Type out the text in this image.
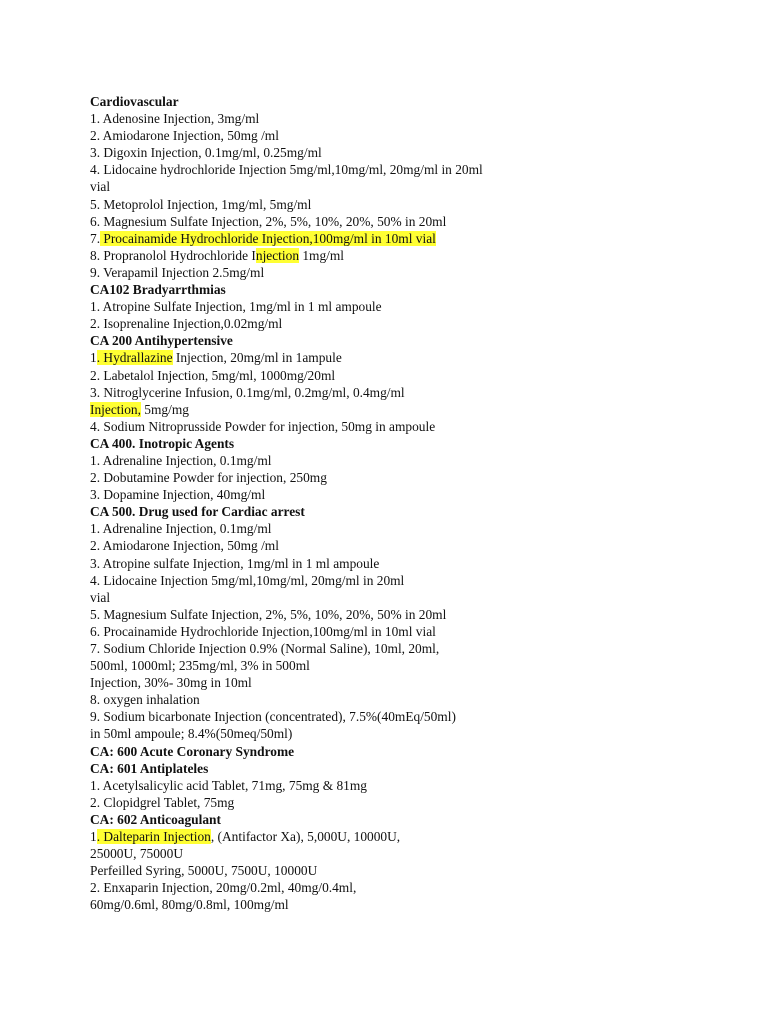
Cardiovascular
1. Adenosine Injection, 3mg/ml
2. Amiodarone Injection, 50mg /ml
3. Digoxin Injection, 0.1mg/ml, 0.25mg/ml
4. Lidocaine hydrochloride Injection 5mg/ml,10mg/ml, 20mg/ml in 20ml
vial
5. Metoprolol Injection, 1mg/ml, 5mg/ml
6. Magnesium Sulfate Injection, 2%, 5%, 10%, 20%, 50% in 20ml
7. Procainamide Hydrochloride Injection,100mg/ml in 10ml vial
8. Propranolol Hydrochloride Injection 1mg/ml
9. Verapamil Injection 2.5mg/ml
CA102 Bradyarrthmias
1. Atropine Sulfate Injection, 1mg/ml in 1 ml ampoule
2. Isoprenaline Injection,0.02mg/ml
CA 200 Antihypertensive
1. Hydrallazine Injection, 20mg/ml in 1ampule
2. Labetalol Injection, 5mg/ml, 1000mg/20ml
3. Nitroglycerine Infusion, 0.1mg/ml, 0.2mg/ml, 0.4mg/ml
Injection, 5mg/mg
4. Sodium Nitroprusside Powder for injection, 50mg in ampoule
CA 400. Inotropic Agents
1. Adrenaline Injection, 0.1mg/ml
2. Dobutamine Powder for injection, 250mg
3. Dopamine Injection, 40mg/ml
CA 500. Drug used for Cardiac arrest
1. Adrenaline Injection, 0.1mg/ml
2. Amiodarone Injection, 50mg /ml
3. Atropine sulfate Injection, 1mg/ml in 1 ml ampoule
4. Lidocaine Injection 5mg/ml,10mg/ml, 20mg/ml in 20ml
vial
5. Magnesium Sulfate Injection, 2%, 5%, 10%, 20%, 50% in 20ml
6. Procainamide Hydrochloride Injection,100mg/ml in 10ml vial
7. Sodium Chloride Injection 0.9% (Normal Saline), 10ml, 20ml,
500ml, 1000ml; 235mg/ml, 3% in 500ml
Injection, 30%- 30mg in 10ml
8. oxygen inhalation
9. Sodium bicarbonate Injection (concentrated), 7.5%(40mEq/50ml)
in 50ml ampoule; 8.4%(50meq/50ml)
CA: 600 Acute Coronary Syndrome
CA: 601 Antiplateles
1. Acetylsalicylic acid Tablet, 71mg, 75mg & 81mg
2. Clopidgrel Tablet, 75mg
CA: 602 Anticoagulant
1. Dalteparin Injection, (Antifactor Xa), 5,000U, 10000U,
25000U, 75000U
Perfeilled Syring, 5000U, 7500U, 10000U
2. Enxaparin Injection, 20mg/0.2ml, 40mg/0.4ml,
60mg/0.6ml, 80mg/0.8ml, 100mg/ml
